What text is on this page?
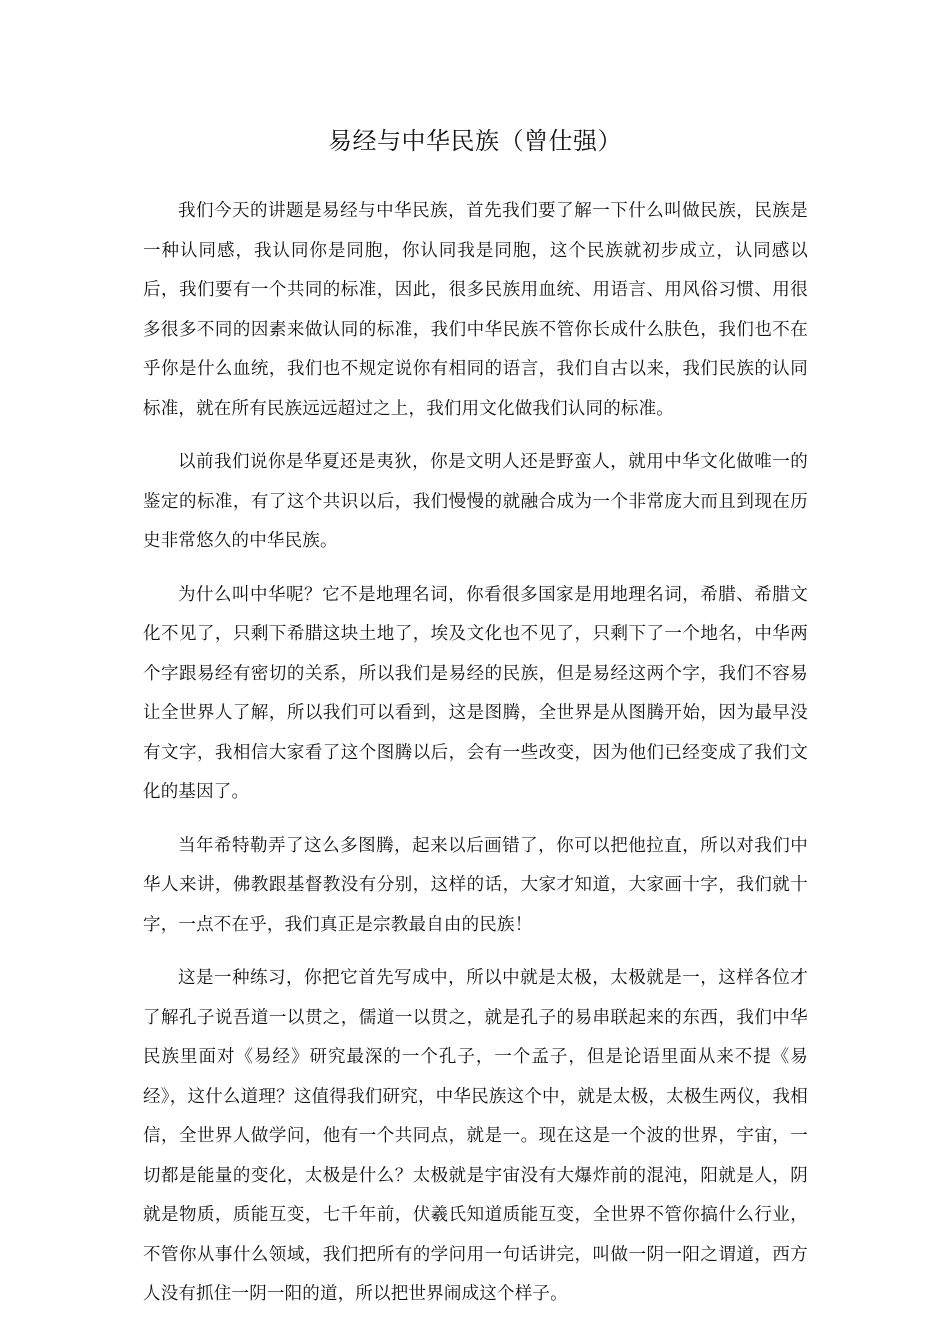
易经与中华民族（曾仕强）

我们今天的讲题是易经与中华民族，首先我们要了解一下什么叫做民族，民族是一种认同感，我认同你是同胞，你认同我是同胞，这个民族就初步成立，认同感以后，我们要有一个共同的标准，因此，很多民族用血统、用语言、用风俗习惯、用很多很多不同的因素来做认同的标准，我们中华民族不管你长成什么肤色，我们也不在乎你是什么血统，我们也不规定说你有相同的语言，我们自古以来，我们民族的认同标准，就在所有民族远远超过之上，我们用文化做我们认同的标准。

以前我们说你是华夏还是夷狄，你是文明人还是野蛮人，就用中华文化做唯一的鉴定的标准，有了这个共识以后，我们慢慢的就融合成为一个非常庞大而且到现在历史非常悠久的中华民族。

为什么叫中华呢？它不是地理名词，你看很多国家是用地理名词，希腊、希腊文化不见了，只剩下希腊这块土地了，埃及文化也不见了，只剩下了一个地名，中华两个字跟易经有密切的关系，所以我们是易经的民族，但是易经这两个字，我们不容易让全世界人了解，所以我们可以看到，这是图腾，全世界是从图腾开始，因为最早没有文字，我相信大家看了这个图腾以后，会有一些改变，因为他们已经变成了我们文化的基因了。

当年希特勒弄了这么多图腾，起来以后画错了，你可以把他拉直，所以对我们中华人来讲，佛教跟基督教没有分别，这样的话，大家才知道，大家画十字，我们就十字，一点不在乎，我们真正是宗教最自由的民族！

这是一种练习，你把它首先写成中，所以中就是太极，太极就是一，这样各位才了解孔子说吾道一以贯之，儒道一以贯之，就是孔子的易串联起来的东西，我们中华民族里面对《易经》研究最深的一个孔子，一个孟子，但是论语里面从来不提《易经》，这什么道理？这值得我们研究，中华民族这个中，就是太极，太极生两仪，我相信，全世界人做学问，他有一个共同点，就是一。现在这是一个波的世界，宇宙，一切都是能量的变化，太极是什么？太极就是宇宙没有大爆炸前的混沌，阳就是人，阴就是物质，质能互变，七千年前，伏羲氏知道质能互变，全世界不管你搞什么行业，不管你从事什么领域，我们把所有的学问用一句话讲完，叫做一阴一阳之谓道，西方人没有抓住一阴一阳的道，所以把世界闹成这个样子。
